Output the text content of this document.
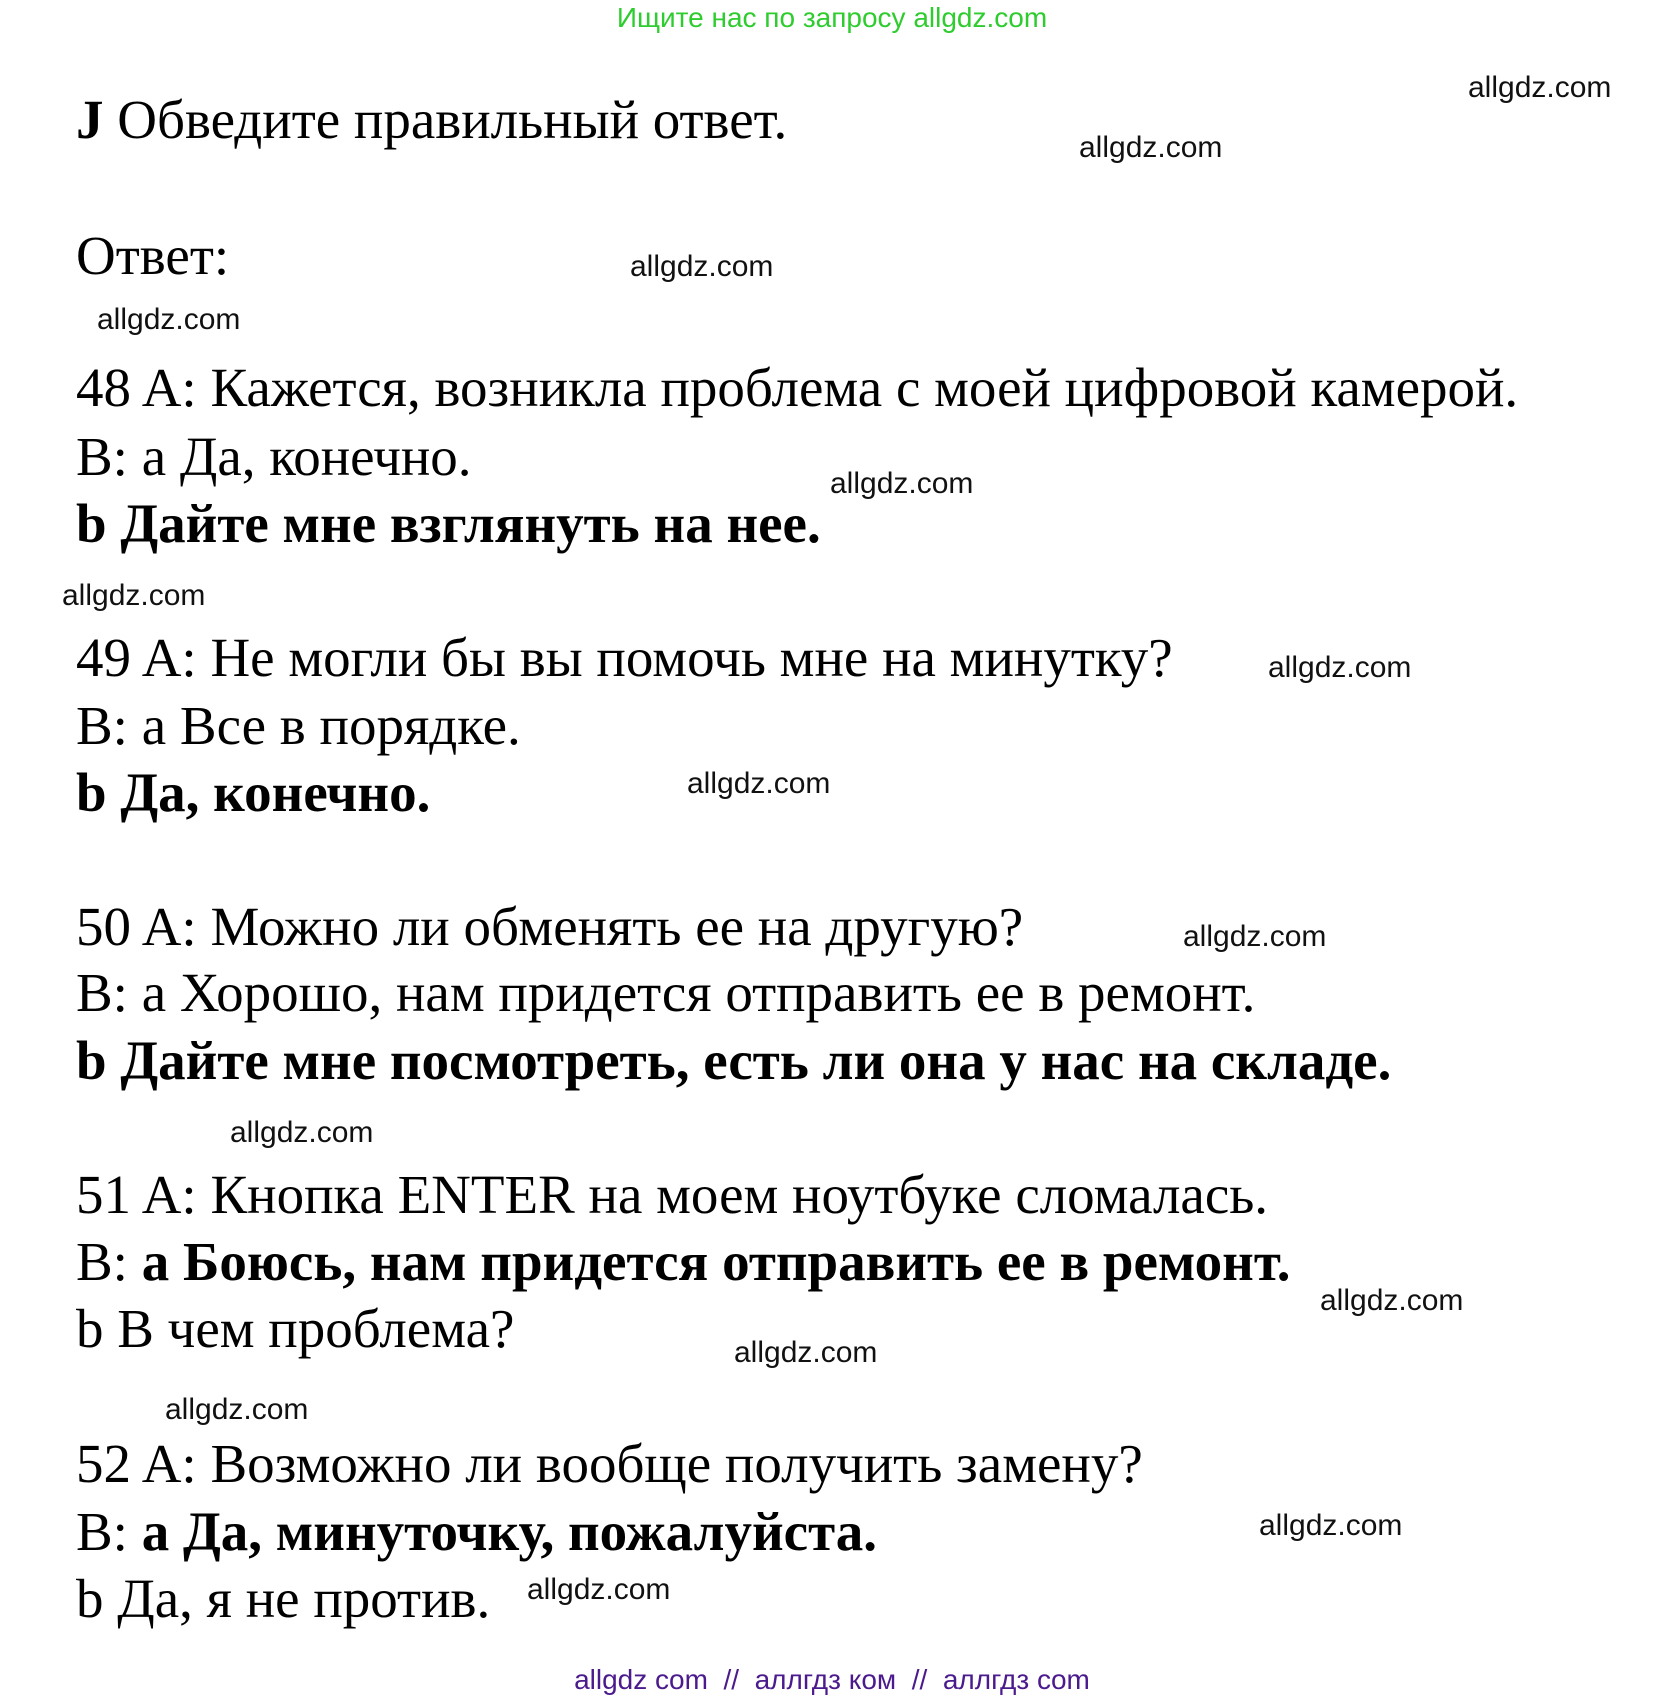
Ищите нас по запросу allgdz.com
J Обведите правильный ответ.
Ответ:
48 A: Кажется, возникла проблема с моей цифровой камерой.
B: a Да, конечно.
b Дайте мне взглянуть на нее.
49 A: Не могли бы вы помочь мне на минутку?
B: a Все в порядке.
b Да, конечно.
50 A: Можно ли обменять ее на другую?
B: a Хорошо, нам придется отправить ее в ремонт.
b Дайте мне посмотреть, есть ли она у нас на складе.
51 A: Кнопка ENTER на моем ноутбуке сломалась.
B: a Боюсь, нам придется отправить ее в ремонт.
b В чем проблема?
52 A: Возможно ли вообще получить замену?
B: a Да, минуточку, пожалуйста.
b Да, я не против.
allgdz.com
allgdz.com
allgdz.com
allgdz.com
allgdz.com
allgdz.com
allgdz.com
allgdz.com
allgdz.com
allgdz.com
allgdz.com
allgdz.com
allgdz.com
allgdz.com
allgdz.com
allgdz com  //  аллгдз ком  //  аллгдз com
